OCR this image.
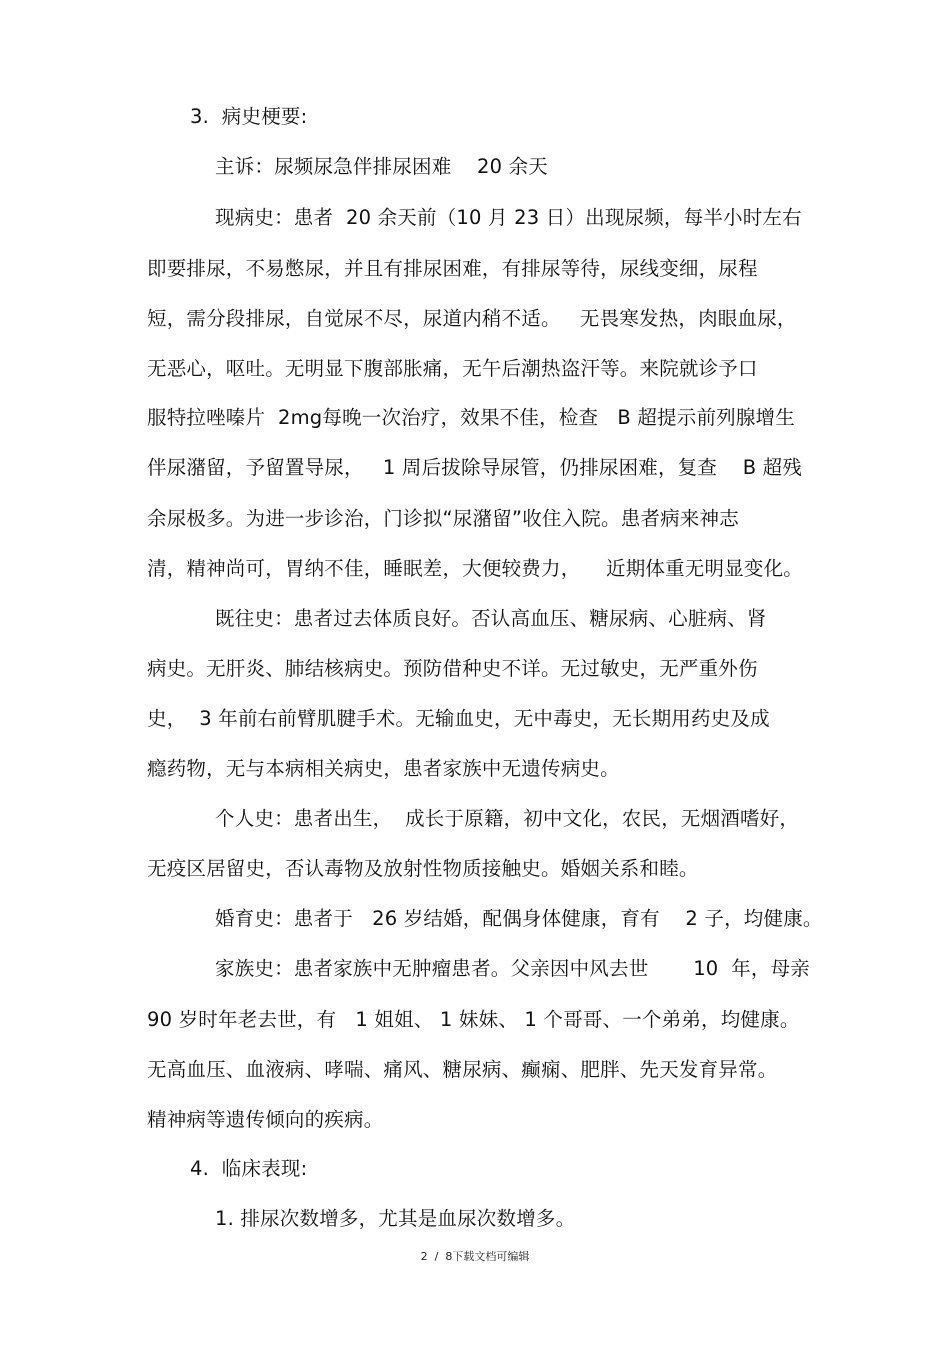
3.  病史梗要:
主诉：尿频尿急伴排尿困难    20 余天
现病史：患者  20 余天前（10 月 23 日）出现尿频，每半小时左右
即要排尿，不易憋尿，并且有排尿困难，有排尿等待，尿线变细，尿程
短，需分段排尿，自觉尿不尽，尿道内稍不适。   无畏寒发热，肉眼血尿，
无恶心，呕吐。无明显下腹部胀痛，无午后潮热盗汗等。来院就诊予口
服特拉唑嗪片  2mg每晚一次治疗，效果不佳，检查   B 超提示前列腺增生
伴尿潴留，予留置导尿，   1 周后拔除导尿管，仍排尿困难，复查    B 超残
余尿极多。为进一步诊治，门诊拟“尿潴留”收住入院。患者病来神志
清，精神尚可，胃纳不佳，睡眠差，大便较费力，    近期体重无明显变化。
既往史：患者过去体质良好。否认高血压、糖尿病、心脏病、肾
病史。无肝炎、肺结核病史。预防借种史不详。无过敏史，无严重外伤
史，  3 年前右前臂肌腱手术。无输血史，无中毒史，无长期用药史及成
瘾药物，无与本病相关病史，患者家族中无遗传病史。
个人史：患者出生，  成长于原籍，初中文化，农民，无烟酒嗜好，
无疫区居留史，否认毒物及放射性物质接触史。婚姻关系和睦。
婚育史：患者于   26 岁结婚，配偶身体健康，育有    2 子，均健康。
家族史：患者家族中无肿瘤患者。父亲因中风去世       10  年，母亲
90 岁时年老去世，有   1 姐姐、 1 妹妹、 1 个哥哥、一个弟弟，均健康。
无高血压、血液病、哮喘、痛风、糖尿病、癫痫、肥胖、先天发育异常。
精神病等遗传倾向的疾病。
4.  临床表现:
1. 排尿次数增多，尤其是血尿次数增多。
2  /  8下载文档可编辑
